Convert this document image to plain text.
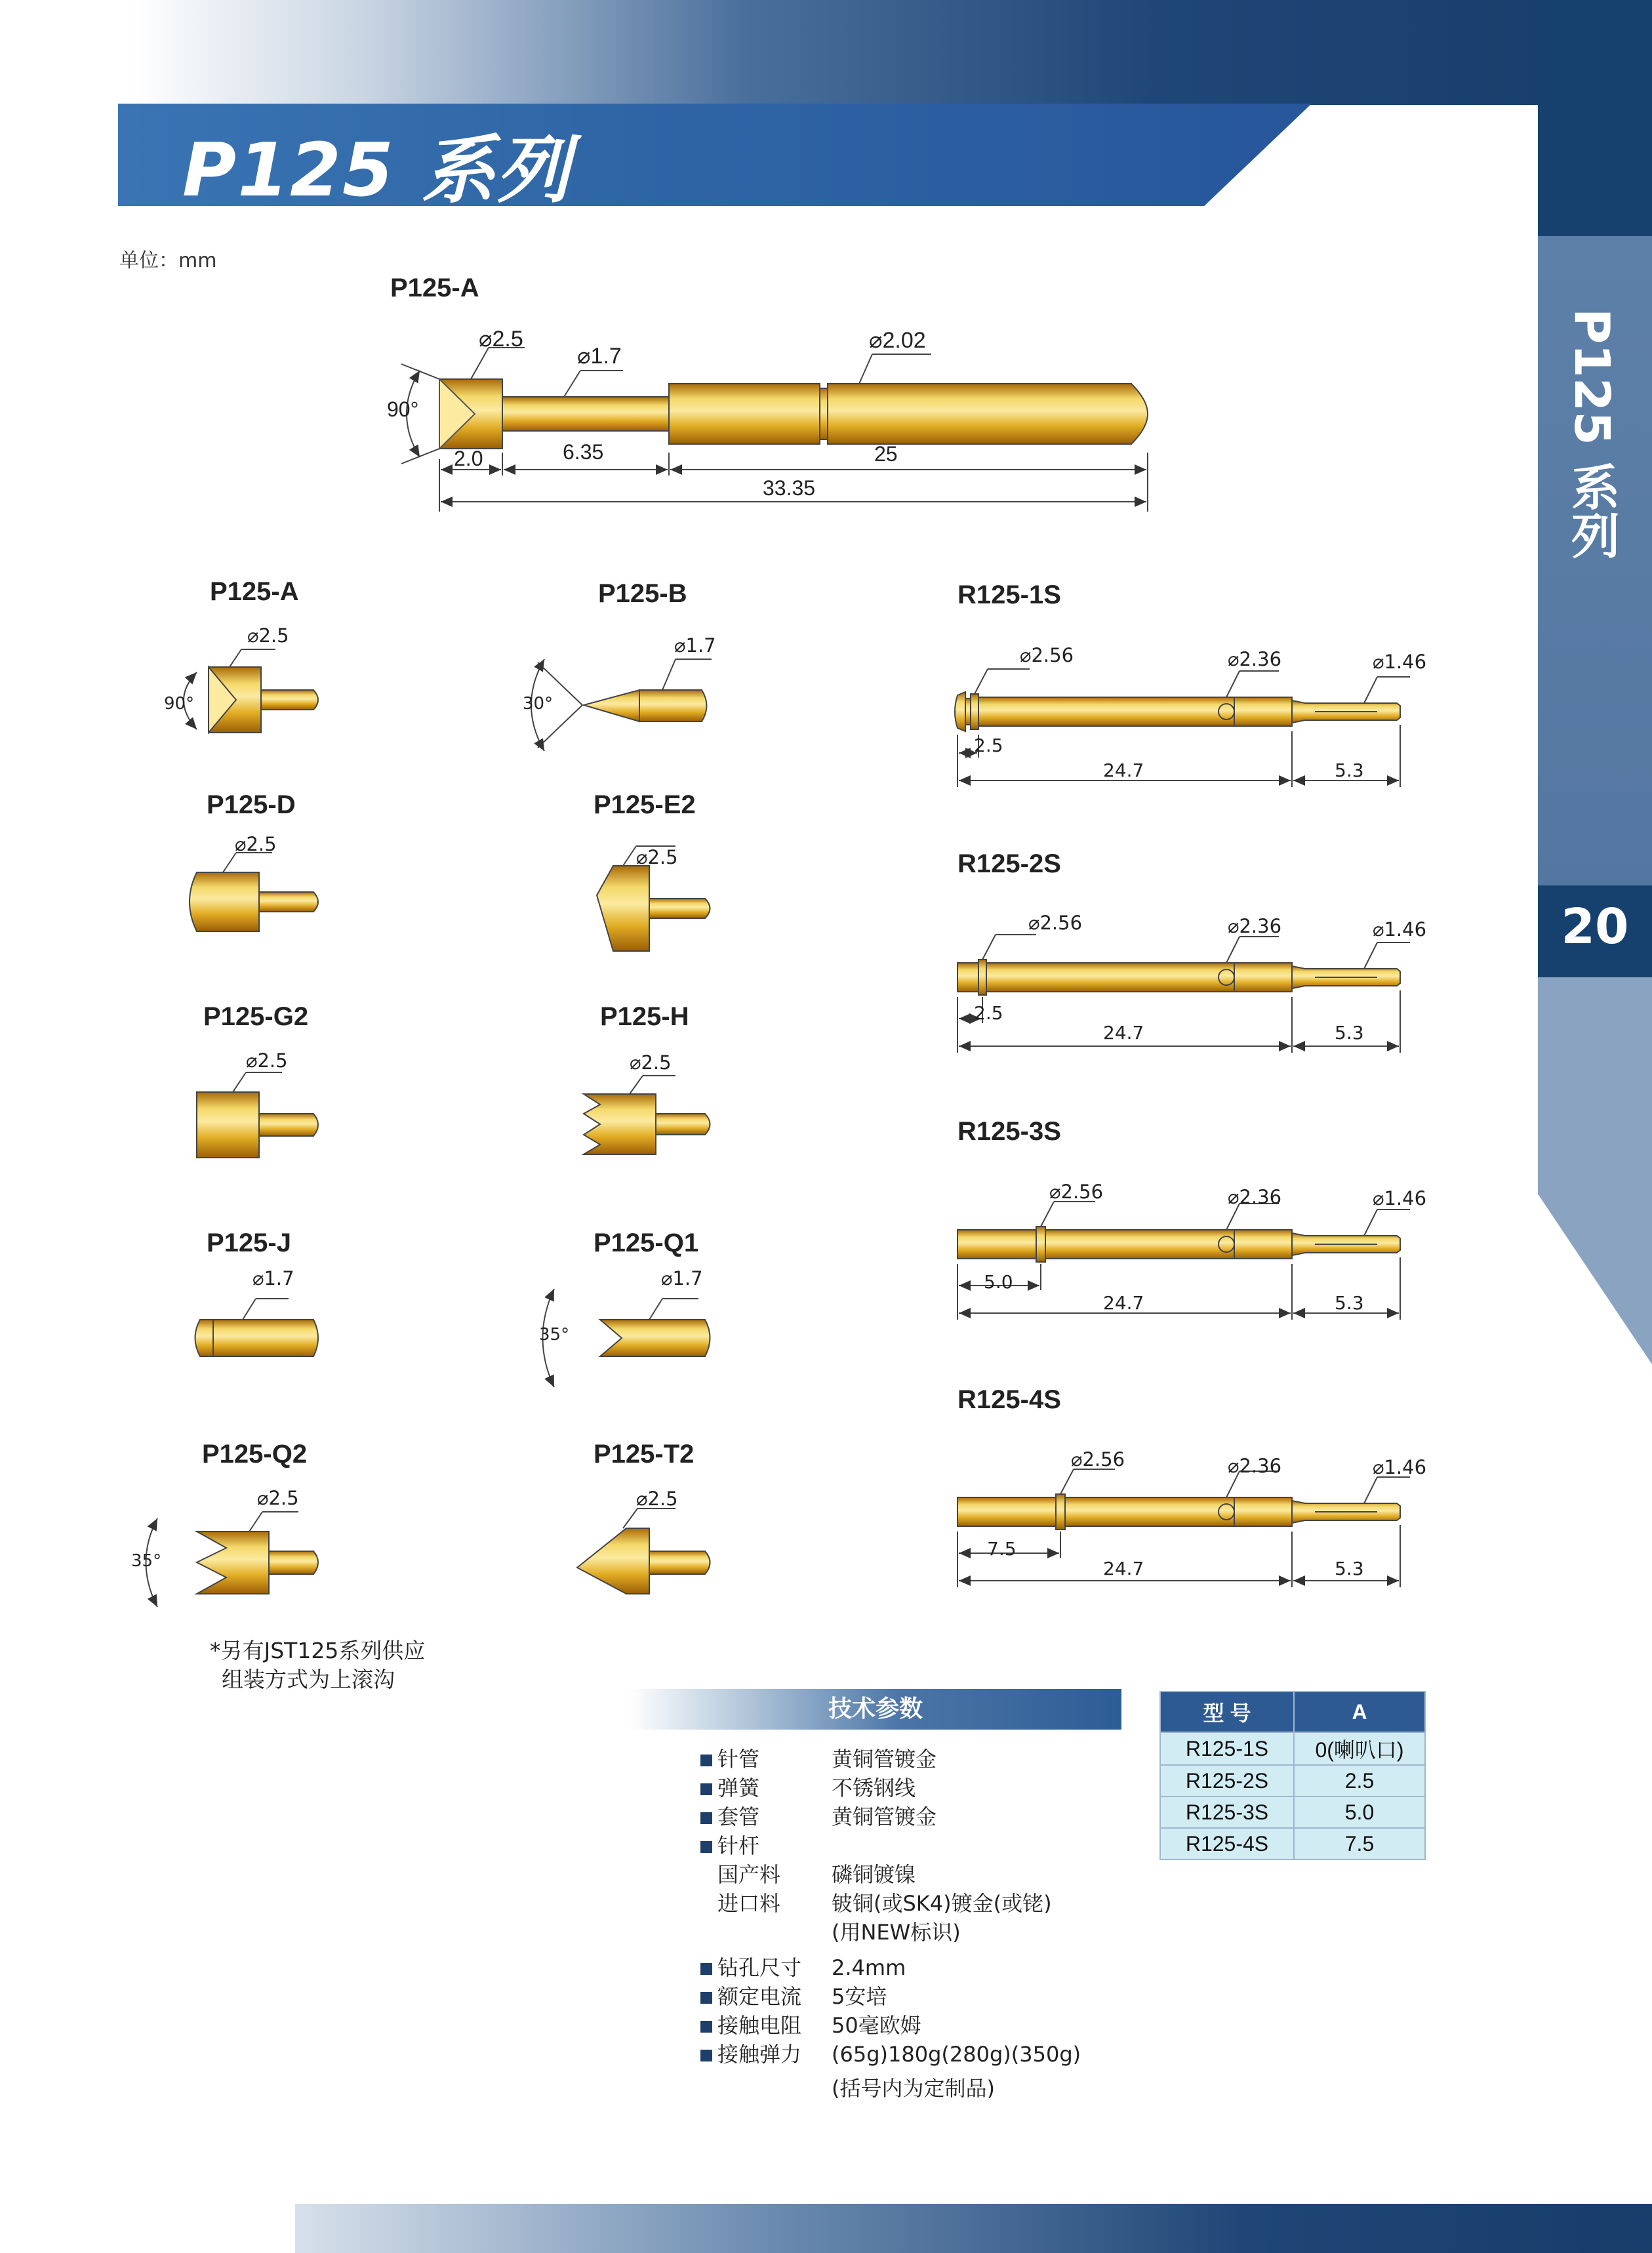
P125 系列
P125 系列
20
单位：mm
P125-A
⌀2.5
⌀1.7
⌀2.02
90°
2.0	6.35	25
33.35
P125-A
⌀2.5
90°
P125-B
⌀1.7
30°
P125-D
⌀2.5
P125-E2
⌀2.5
P125-G2
⌀2.5
P125-H
⌀2.5
P125-J
⌀1.7
P125-Q1
⌀1.7
35°
P125-Q2
⌀2.5
35°
P125-T2
⌀2.5
R125-1S
⌀2.56	⌀2.36	⌀1.46
2.5
24.7	5.3
R125-2S
⌀2.56	⌀2.36	⌀1.46
2.5
24.7	5.3
R125-3S
⌀2.56	⌀2.36	⌀1.46
5.0
24.7	5.3
R125-4S
⌀2.56	⌀2.36	⌀1.46
7.5
24.7	5.3
*另有JST125系列供应
组装方式为上滚沟
技术参数
针管	黄铜管镀金
弹簧	不锈钢线
套管	黄铜管镀金
针杆
国产料	磷铜镀镍
进口料	铍铜(或SK4)镀金(或铑)
(用NEW标识)
钻孔尺寸	2.4mm
额定电流	5安培
接触电阻	50毫欧姆
接触弹力	(65g)180g(280g)(350g)
(括号内为定制品)
型 号	A
R125-1S	0(喇叭口)
R125-2S	2.5
R125-3S	5.0
R125-4S	7.5
